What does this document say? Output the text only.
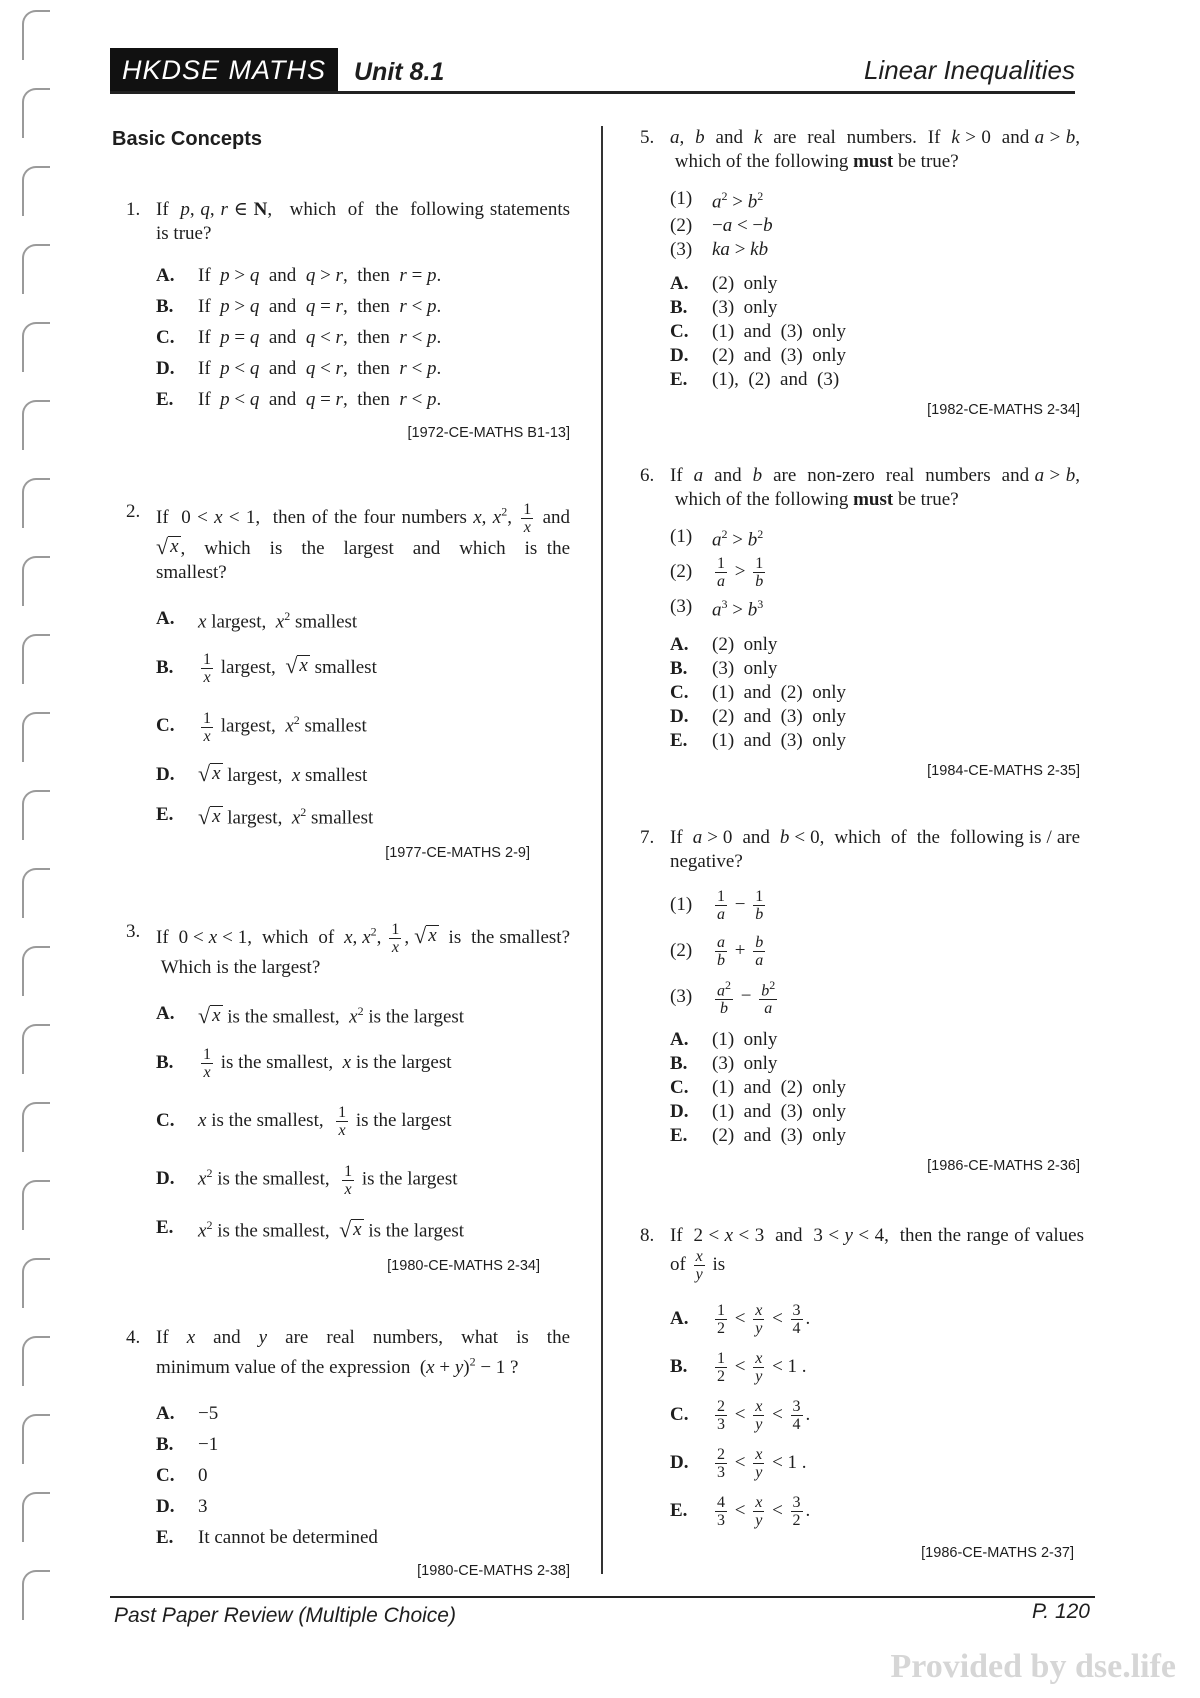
HKDSE MATHS	Unit 8.1	Linear Inequalities
Basic Concepts
1. If  p, q, r ∈ N,   which  of  the  following statements is true?
A.	If  p > q  and  q > r,  then  r = p.
B.	If  p > q  and  q = r,  then  r < p.
C.	If  p = q  and  q < r,  then  r < p.
D.	If  p < q  and  q < r,  then  r < p.
E.	If  p < q  and  q = r,  then  r < p.
[1972-CE-MATHS B1-13]
2. If  0 < x < 1,  then of the four numbers x, $x^2$, $\frac{1}{x}$ and
√ x ,  which  is  the  largest  and  which  is the smallest?
A.	x largest,  $x^2$ smallest
B.	$\frac{1}{x}$ largest, √ x smallest
C.	$\frac{1}{x}$ largest,  $x^2$ smallest
D.	√ x largest,  x smallest
E.	√ x largest,  $x^2$ smallest
[1977-CE-MATHS 2-9]
3. If  0 < x < 1,  which  of  x, $x^2$, $\frac{1}{x}$ , √ x is  the smallest?  Which is the largest?
A.	√ x is the smallest,  $x^2$ is the largest
B.	$\frac{1}{x}$ is the smallest,  x is the largest
C.	x is the smallest, $\frac{1}{x}$ is the largest
D.	$x^2$ is the smallest, $\frac{1}{x}$ is the largest
E.	$x^2$ is the smallest, √ x is the largest
[1980-CE-MATHS 2-34]
4. If  x  and  y  are  real  numbers,  what  is  the minimum value of the expression  $(x + y)^2 - 1$ ?
A.	−5
B.	−1
C.	0
D.	3
E.	It cannot be determined
[1980-CE-MATHS 2-38]
5. a,  b  and  k  are  real  numbers.  If  k > 0  and a > b,  which of the following must be true?
(1)	$a^2 > b^2$
(2)	−a < −b
(3)	ka > kb
A.	(2)  only
B.	(3)  only
C.	(1)  and  (3)  only
D.	(2)  and  (3)  only
E.	(1),  (2)  and  (3)
[1982-CE-MATHS 2-34]
6. If  a  and  b  are  non-zero  real  numbers  and a > b,  which of the following must be true?
(1)	$a^2 > b^2$
(2)	$\frac{1}{a} > \frac{1}{b}$
(3)	$a^3 > b^3$
A.	(2)  only
B.	(3)  only
C.	(1)  and  (2)  only
D.	(2)  and  (3)  only
E.	(1)  and  (3)  only
[1984-CE-MATHS 2-35]
7. If  a > 0  and  b < 0,  which  of  the  following is / are negative?
(1)	$\frac{1}{a} - \frac{1}{b}$
(2)	$\frac{a}{b} + \frac{b}{a}$
(3)	$\frac{a^2}{b} - \frac{b^2}{a}$
A.	(1)  only
B.	(3)  only
C.	(1)  and  (2)  only
D.	(1)  and  (3)  only
E.	(2)  and  (3)  only
[1986-CE-MATHS 2-36]
8. If  2 < x < 3  and  3 < y < 4,  then the range of values of $\frac{x}{y}$ is
A.	$\frac{1}{2} < \frac{x}{y} < \frac{3}{4}$ .
B.	$\frac{1}{2} < \frac{x}{y} < 1$ .
C.	$\frac{2}{3} < \frac{x}{y} < \frac{3}{4}$ .
D.	$\frac{2}{3} < \frac{x}{y} < 1$ .
E.	$\frac{4}{3} < \frac{x}{y} < \frac{3}{2}$ .
[1986-CE-MATHS 2-37]
Past Paper Review (Multiple Choice)	P. 120
Provided by dse.life
